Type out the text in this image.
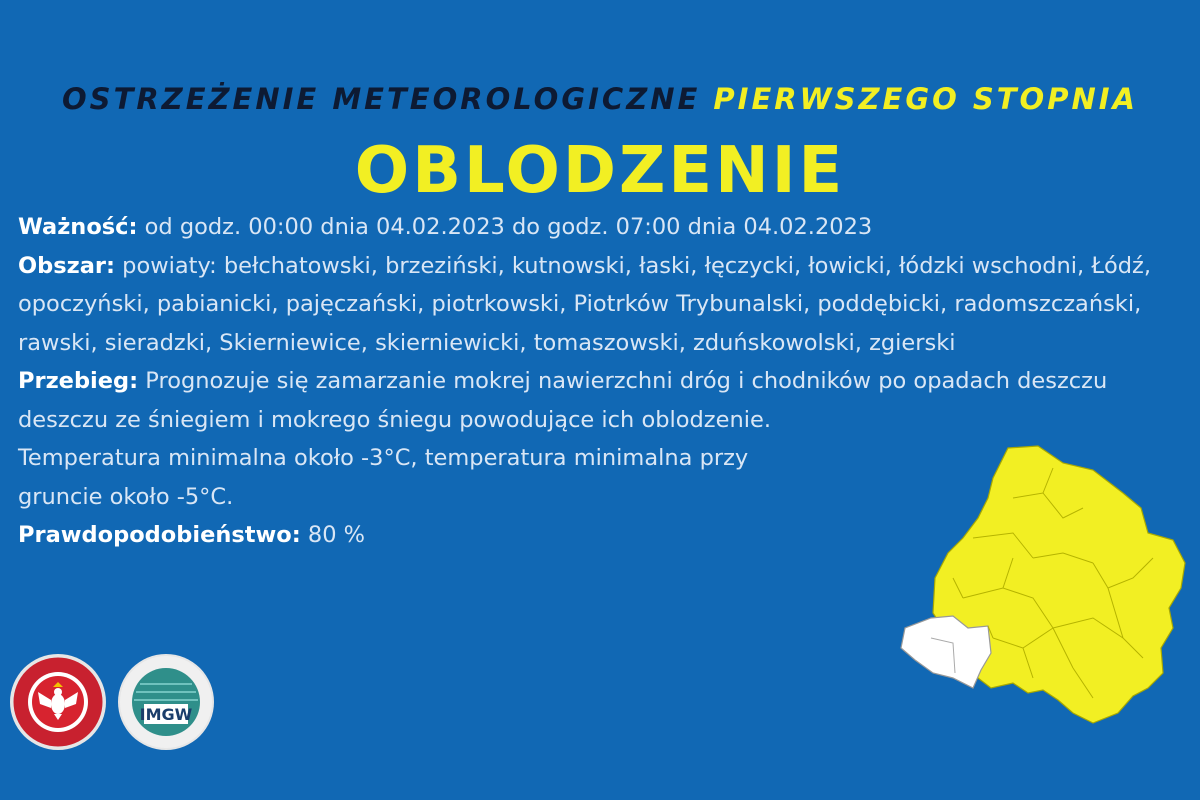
OSTRZEŻENIE METEOROLOGICZNE PIERWSZEGO STOPNIA
OBLODZENIE

Ważność: od godz. 00:00 dnia 04.02.2023 do godz. 07:00 dnia 04.02.2023

Obszar: powiaty: bełchatowski, brzeziński, kutnowski, łaski, łęczycki, łowicki, łódzki wschodni, Łódź, opoczyński, pabianicki, pajęczański, piotrkowski, Piotrków Trybunalski, poddębicki, radomszczański, rawski, sieradzki, Skierniewice, skierniewicki, tomaszowski, zduńskowolski, zgierski

Przebieg: Prognozuje się zamarzanie mokrej nawierzchni dróg i chodników po opadach deszczu deszczu ze śniegiem i mokrego śniegu powodujące ich oblodzenie.

Temperatura minimalna około -3°C, temperatura minimalna przy gruncie około -5°C.

Prawdopodobieństwo: 80 %

IMGW
